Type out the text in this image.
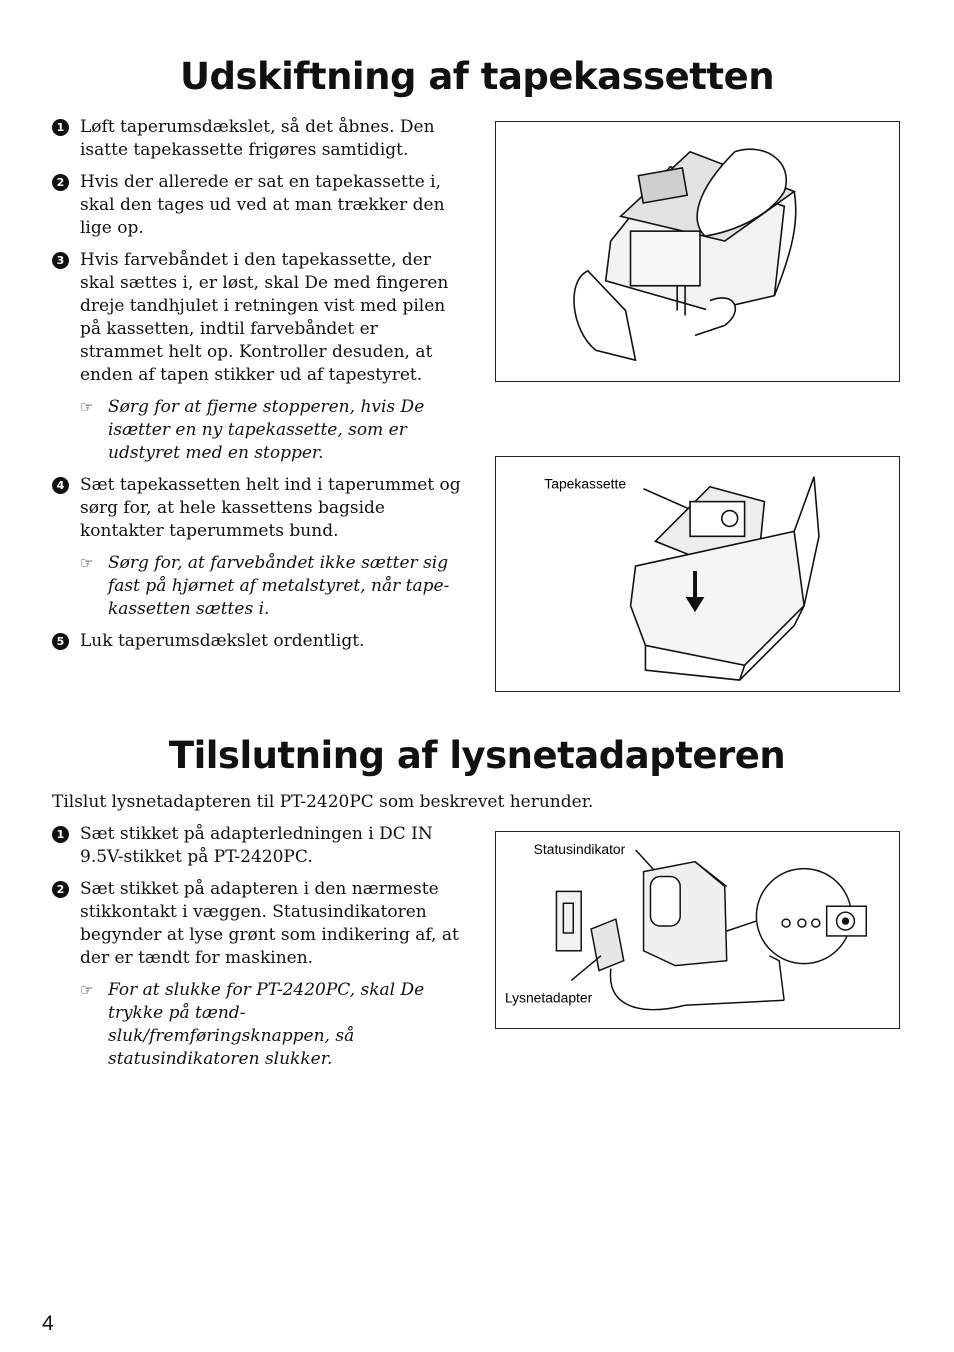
Udskiftning af tapekassetten
1 Løft taperumsdækslet, så det åbnes. Den isatte tapekassette frigøres samtidigt.
2 Hvis der allerede er sat en tapekassette i, skal den tages ud ved at man trækker den lige op.
3 Hvis farvebåndet i den tapekassette, der skal sættes i, er løst, skal De med fingeren dreje tandhjulet i retningen vist med pilen på kassetten, indtil farvebåndet er strammet helt op. Kontroller desuden, at enden af tapen stikker ud af tapestyret.
☞ Sørg for at fjerne stopperen, hvis De isætter en ny tapekassette, som er udstyret med en stopper.
4 Sæt tapekassetten helt ind i taperummet og sørg for, at hele kassettens bagside kontakter taperummets bund.
☞ Sørg for, at farvebåndet ikke sætter sig fast på hjørnet af metalstyret, når tape-kassetten sættes i.
5 Luk taperumsdækslet ordentligt.
Tapekassette
Tilslutning af lysnetadapteren
Tilslut lysnetadapteren til PT-2420PC som beskrevet herunder.
1 Sæt stikket på adapterledningen i DC IN 9.5V-stikket på PT-2420PC.
2 Sæt stikket på adapteren i den nærmeste stikkontakt i væggen. Statusindikatoren begynder at lyse grønt som indikering af, at der er tændt for maskinen.
☞ For at slukke for PT-2420PC, skal De trykke på tænd-sluk/fremføringsknappen, så statusindikatoren slukker.
Statusindikator
Lysnetadapter
4
